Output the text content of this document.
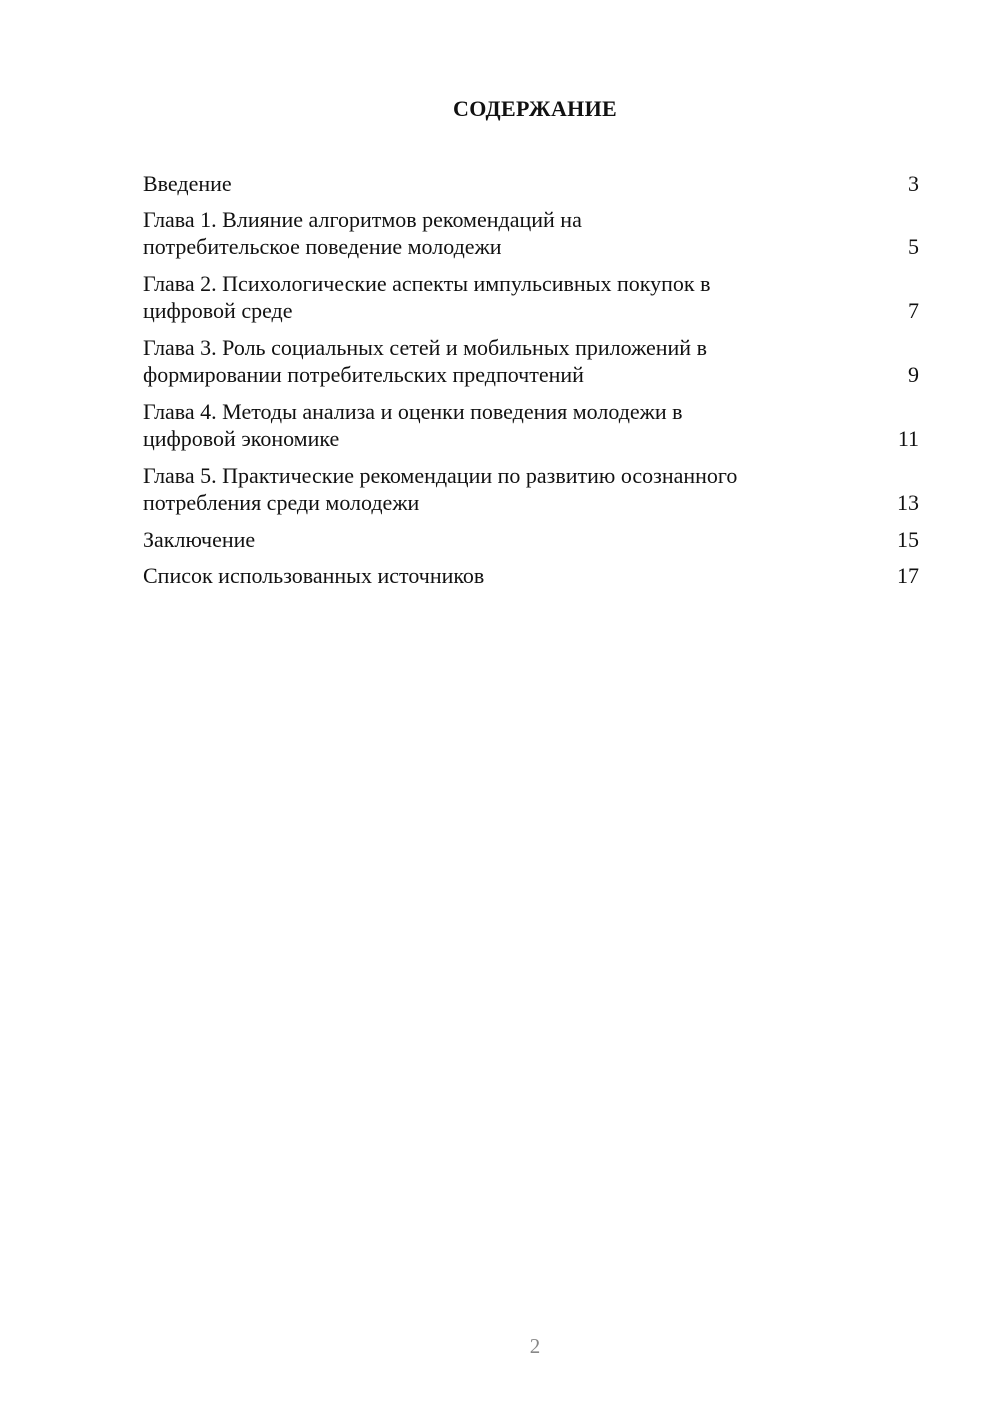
СОДЕРЖАНИЕ
Введение	3
Глава 1. Влияние алгоритмов рекомендаций на
потребительское поведение молодежи	5
Глава 2. Психологические аспекты импульсивных покупок в
цифровой среде	7
Глава 3. Роль социальных сетей и мобильных приложений в
формировании потребительских предпочтений	9
Глава 4. Методы анализа и оценки поведения молодежи в
цифровой экономике	11
Глава 5. Практические рекомендации по развитию осознанного
потребления среди молодежи	13
Заключение	15
Список использованных источников	17
2
